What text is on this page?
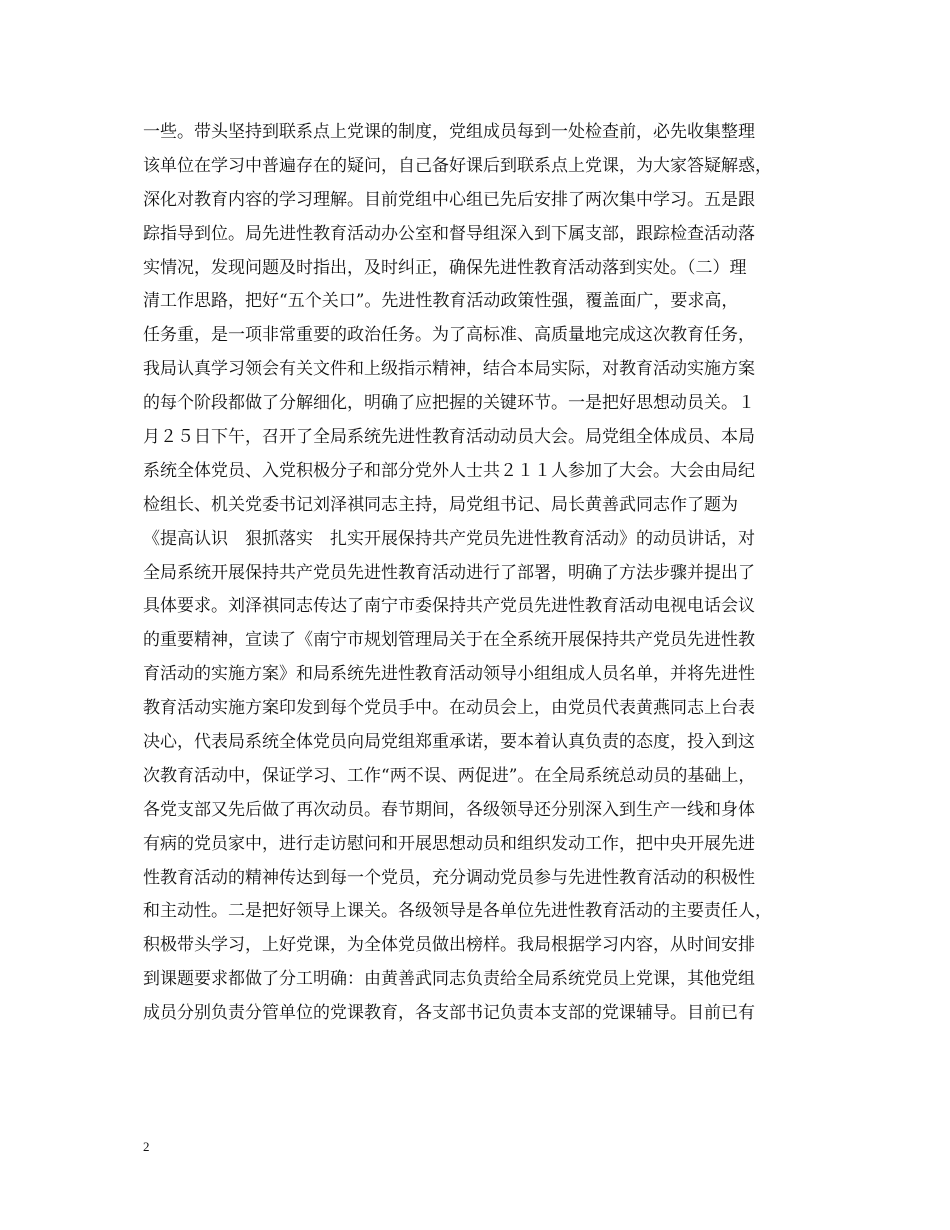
一些。带头坚持到联系点上党课的制度，党组成员每到一处检查前，必先收集整理
该单位在学习中普遍存在的疑问，自己备好课后到联系点上党课，为大家答疑解惑，
深化对教育内容的学习理解。目前党组中心组已先后安排了两次集中学习。五是跟
踪指导到位。局先进性教育活动办公室和督导组深入到下属支部，跟踪检查活动落
实情况，发现问题及时指出，及时纠正，确保先进性教育活动落到实处。（二）理
清工作思路，把好“五个关口”。先进性教育活动政策性强，覆盖面广，要求高，
任务重，是一项非常重要的政治任务。为了高标准、高质量地完成这次教育任务，
我局认真学习领会有关文件和上级指示精神，结合本局实际，对教育活动实施方案
的每个阶段都做了分解细化，明确了应把握的关键环节。一是把好思想动员关。１
月２５日下午，召开了全局系统先进性教育活动动员大会。局党组全体成员、本局
系统全体党员、入党积极分子和部分党外人士共２１１人参加了大会。大会由局纪
检组长、机关党委书记刘泽祺同志主持，局党组书记、局长黄善武同志作了题为
《提高认识　狠抓落实　扎实开展保持共产党员先进性教育活动》的动员讲话，对
全局系统开展保持共产党员先进性教育活动进行了部署，明确了方法步骤并提出了
具体要求。刘泽祺同志传达了南宁市委保持共产党员先进性教育活动电视电话会议
的重要精神，宣读了《南宁市规划管理局关于在全系统开展保持共产党员先进性教
育活动的实施方案》和局系统先进性教育活动领导小组组成人员名单，并将先进性
教育活动实施方案印发到每个党员手中。在动员会上，由党员代表黄燕同志上台表
决心，代表局系统全体党员向局党组郑重承诺，要本着认真负责的态度，投入到这
次教育活动中，保证学习、工作“两不误、两促进”。在全局系统总动员的基础上，
各党支部又先后做了再次动员。春节期间，各级领导还分别深入到生产一线和身体
有病的党员家中，进行走访慰问和开展思想动员和组织发动工作，把中央开展先进
性教育活动的精神传达到每一个党员，充分调动党员参与先进性教育活动的积极性
和主动性。二是把好领导上课关。各级领导是各单位先进性教育活动的主要责任人，
积极带头学习，上好党课，为全体党员做出榜样。我局根据学习内容，从时间安排
到课题要求都做了分工明确：由黄善武同志负责给全局系统党员上党课，其他党组
成员分别负责分管单位的党课教育，各支部书记负责本支部的党课辅导。目前已有
2
